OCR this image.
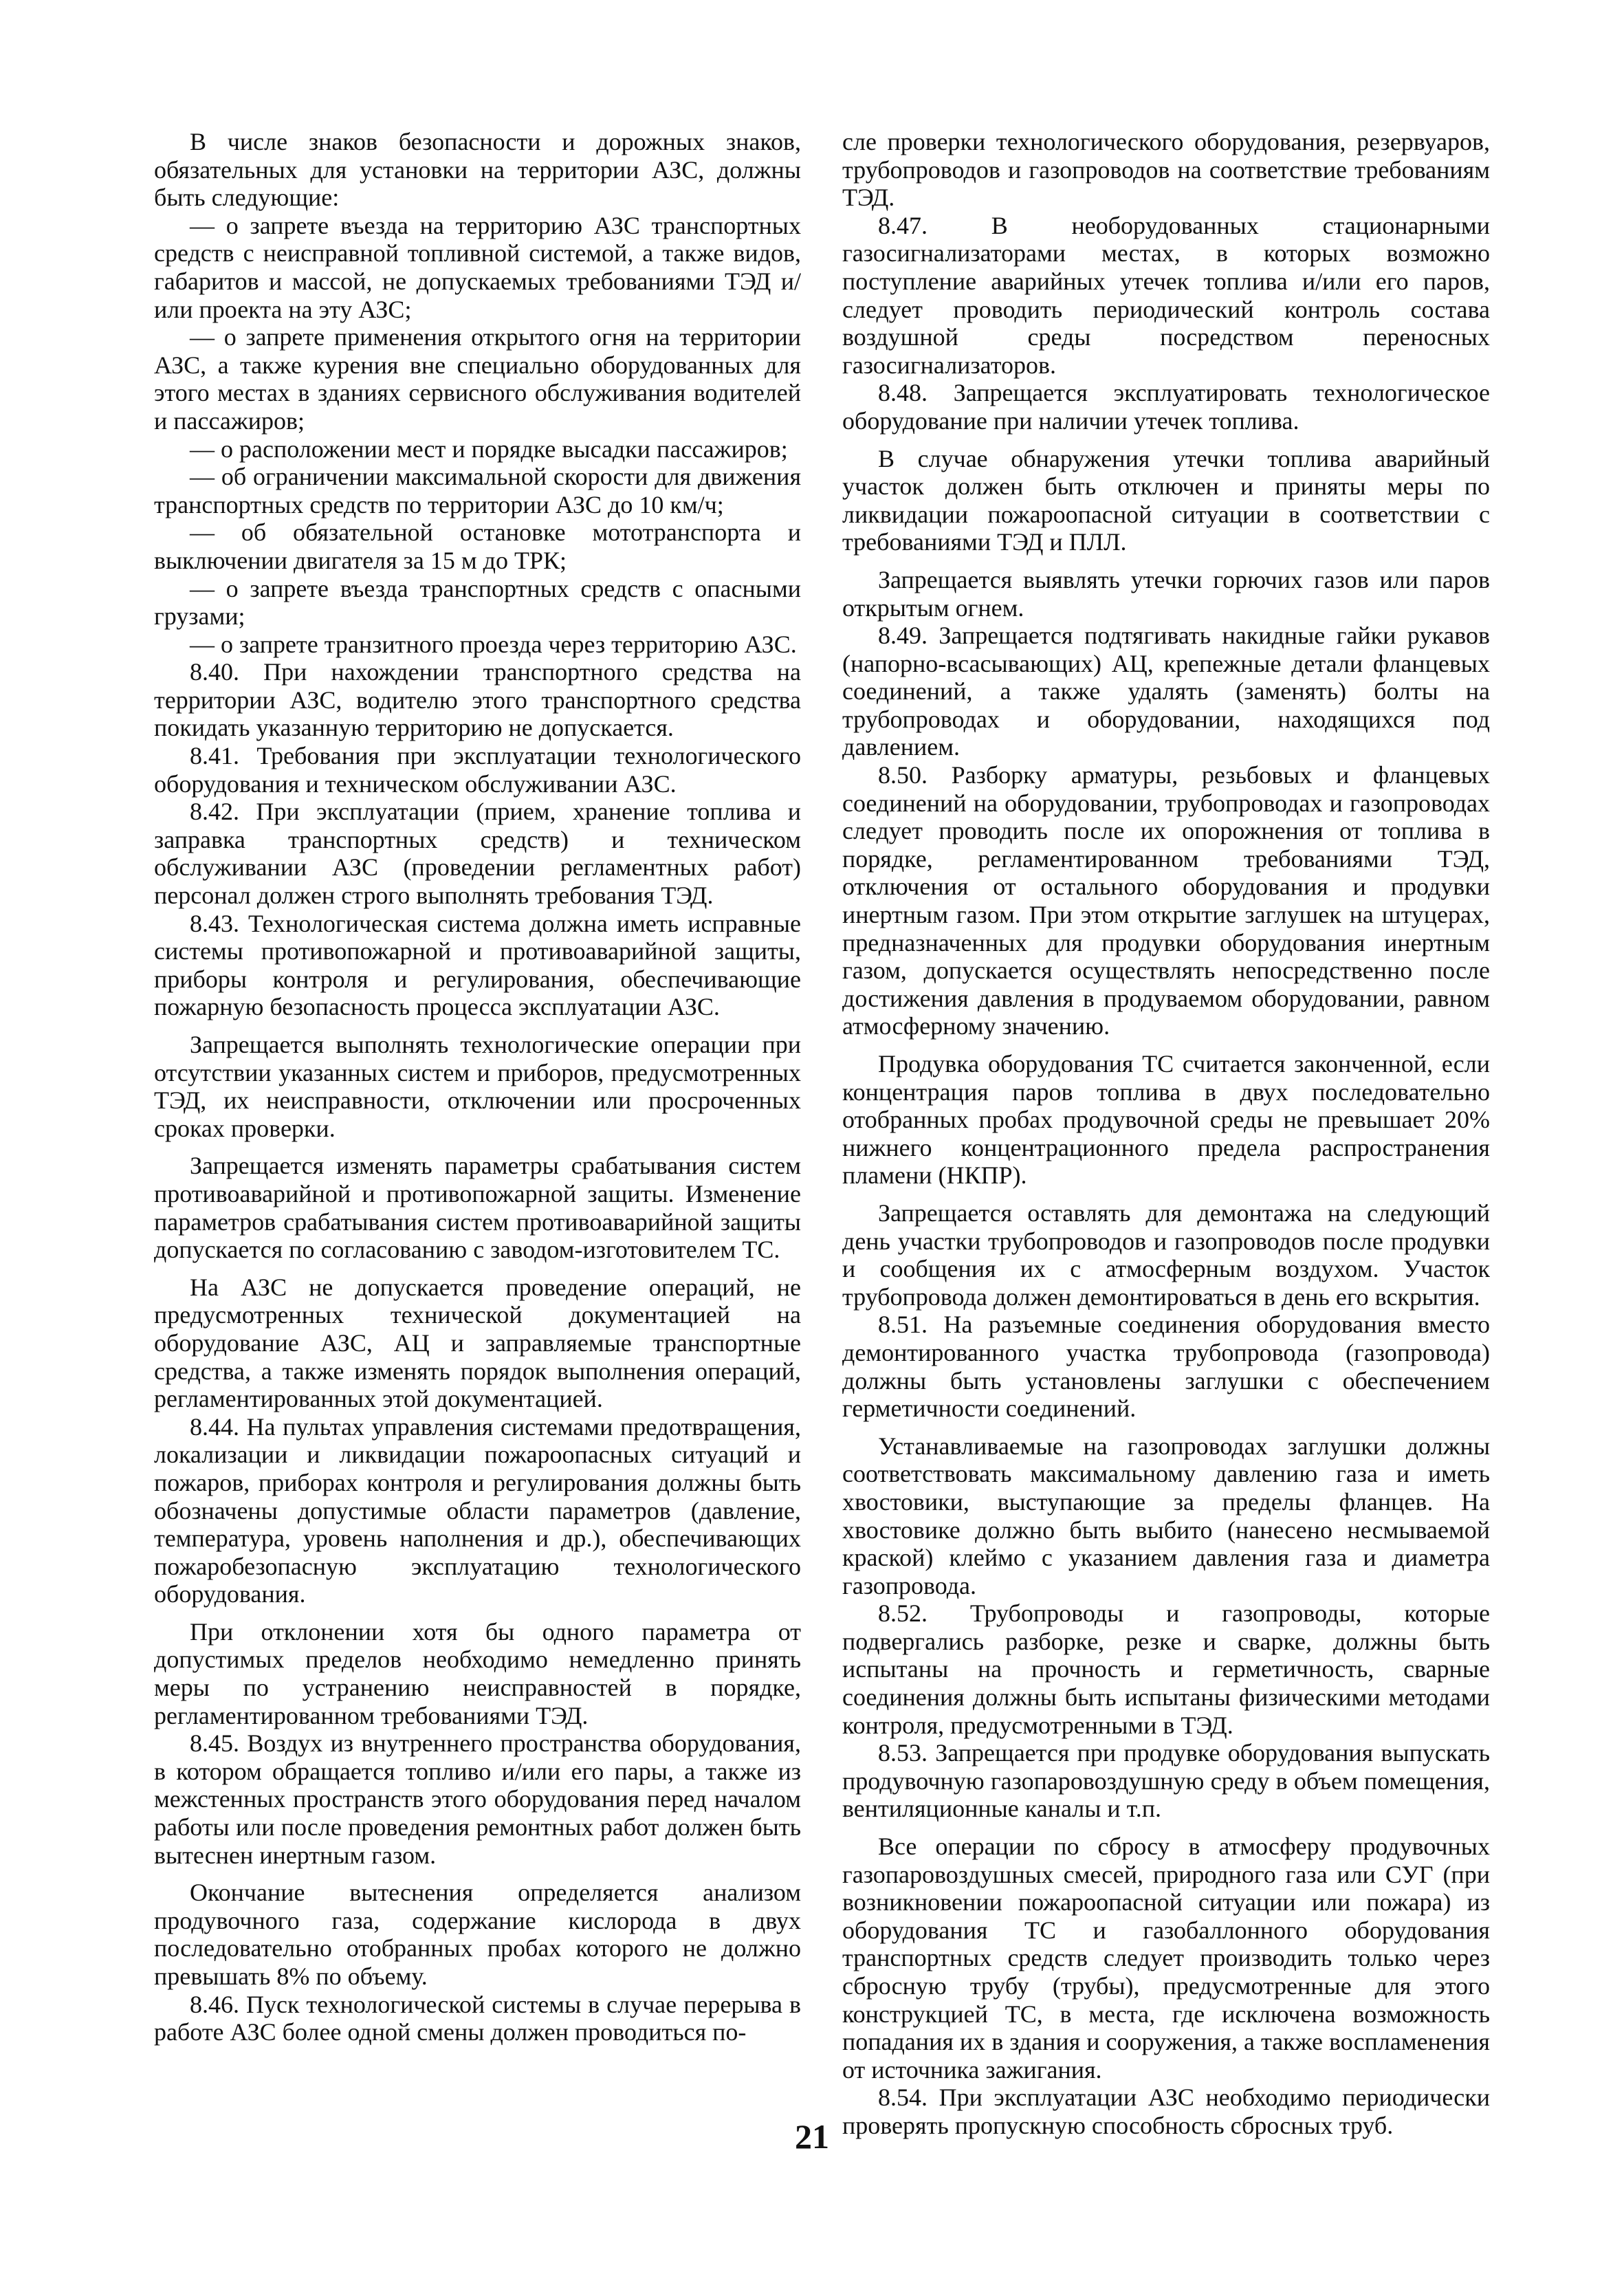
В числе знаков безопасности и дорожных знаков, обязательных для установки на территории АЗС, должны быть следующие:

— о запрете въезда на территорию АЗС транспортных средств с неисправной топливной системой, а также видов, габаритов и массой, не допускаемых требованиями ТЭД и/или проекта на эту АЗС;

— о запрете применения открытого огня на территории АЗС, а также курения вне специально оборудованных для этого местах в зданиях сервисного обслуживания водителей и пассажиров;

— о расположении мест и порядке высадки пассажиров;

— об ограничении максимальной скорости для движения транспортных средств по территории АЗС до 10 км/ч;

— об обязательной остановке мототранспорта и выключении двигателя за 15 м до ТРК;

— о запрете въезда транспортных средств с опасными грузами;

— о запрете транзитного проезда через территорию АЗС.

8.40. При нахождении транспортного средства на территории АЗС, водителю этого транспортного средства покидать указанную территорию не допускается.

8.41. Требования при эксплуатации технологического оборудования и техническом обслуживании АЗС.

8.42. При эксплуатации (прием, хранение топлива и заправка транспортных средств) и техническом обслуживании АЗС (проведении регламентных работ) персонал должен строго выполнять требования ТЭД.

8.43. Технологическая система должна иметь исправные системы противопожарной и противоаварийной защиты, приборы контроля и регулирования, обеспечивающие пожарную безопасность процесса эксплуатации АЗС.

Запрещается выполнять технологические операции при отсутствии указанных систем и приборов, предусмотренных ТЭД, их неисправности, отключении или просроченных сроках проверки.

Запрещается изменять параметры срабатывания систем противоаварийной и противопожарной защиты. Изменение параметров срабатывания систем противоаварийной защиты допускается по согласованию с заводом-изготовителем ТС.

На АЗС не допускается проведение операций, не предусмотренных технической документацией на оборудование АЗС, АЦ и заправляемые транспортные средства, а также изменять порядок выполнения операций, регламентированных этой документацией.

8.44. На пультах управления системами предотвращения, локализации и ликвидации пожароопасных ситуаций и пожаров, приборах контроля и регулирования должны быть обозначены допустимые области параметров (давление, температура, уровень наполнения и др.), обеспечивающих пожаробезопасную эксплуатацию технологического оборудования.

При отклонении хотя бы одного параметра от допустимых пределов необходимо немедленно принять меры по устранению неисправностей в порядке, регламентированном требованиями ТЭД.

8.45. Воздух из внутреннего пространства оборудования, в котором обращается топливо и/или его пары, а также из межстенных пространств этого оборудования перед началом работы или после проведения ремонтных работ должен быть вытеснен инертным газом.

Окончание вытеснения определяется анализом продувочного газа, содержание кислорода в двух последовательно отобранных пробах которого не должно превышать 8% по объему.

8.46. Пуск технологической системы в случае перерыва в работе АЗС более одной смены должен проводиться по-

сле проверки технологического оборудования, резервуаров, трубопроводов и газопроводов на соответствие требованиям ТЭД.

8.47. В необорудованных стационарными газосигнализаторами местах, в которых возможно поступление аварийных утечек топлива и/или его паров, следует проводить периодический контроль состава воздушной среды посредством переносных газосигнализаторов.

8.48. Запрещается эксплуатировать технологическое оборудование при наличии утечек топлива.

В случае обнаружения утечки топлива аварийный участок должен быть отключен и приняты меры по ликвидации пожароопасной ситуации в соответствии с требованиями ТЭД и ПЛЛ.

Запрещается выявлять утечки горючих газов или паров открытым огнем.

8.49. Запрещается подтягивать накидные гайки рукавов (напорно-всасывающих) АЦ, крепежные детали фланцевых соединений, а также удалять (заменять) болты на трубопроводах и оборудовании, находящихся под давлением.

8.50. Разборку арматуры, резьбовых и фланцевых соединений на оборудовании, трубопроводах и газопроводах следует проводить после их опорожнения от топлива в порядке, регламентированном требованиями ТЭД, отключения от остального оборудования и продувки инертным газом. При этом открытие заглушек на штуцерах, предназначенных для продувки оборудования инертным газом, допускается осуществлять непосредственно после достижения давления в продуваемом оборудовании, равном атмосферному значению.

Продувка оборудования ТС считается законченной, если концентрация паров топлива в двух последовательно отобранных пробах продувочной среды не превышает 20% нижнего концентрационного предела распространения пламени (НКПР).

Запрещается оставлять для демонтажа на следующий день участки трубопроводов и газопроводов после продувки и сообщения их с атмосферным воздухом. Участок трубопровода должен демонтироваться в день его вскрытия.

8.51. На разъемные соединения оборудования вместо демонтированного участка трубопровода (газопровода) должны быть установлены заглушки с обеспечением герметичности соединений.

Устанавливаемые на газопроводах заглушки должны соответствовать максимальному давлению газа и иметь хвостовики, выступающие за пределы фланцев. На хвостовике должно быть выбито (нанесено несмываемой краской) клеймо с указанием давления газа и диаметра газопровода.

8.52. Трубопроводы и газопроводы, которые подвергались разборке, резке и сварке, должны быть испытаны на прочность и герметичность, сварные соединения должны быть испытаны физическими методами контроля, предусмотренными в ТЭД.

8.53. Запрещается при продувке оборудования выпускать продувочную газопаровоздушную среду в объем помещения, вентиляционные каналы и т.п.

Все операции по сбросу в атмосферу продувочных газопаровоздушных смесей, природного газа или СУГ (при возникновении пожароопасной ситуации или пожара) из оборудования ТС и газобаллонного оборудования транспортных средств следует производить только через сбросную трубу (трубы), предусмотренные для этого конструкцией ТС, в места, где исключена возможность попадания их в здания и сооружения, а также воспламенения от источника зажигания.

8.54. При эксплуатации АЗС необходимо периодически проверять пропускную способность сбросных труб.

21
